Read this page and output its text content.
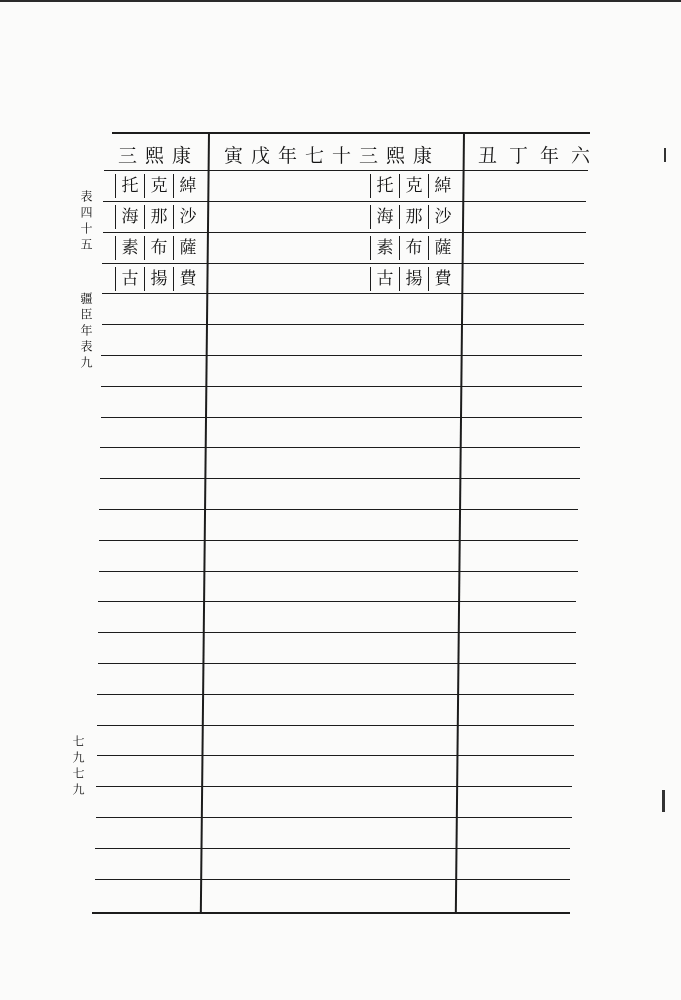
表四十五
疆臣年表九
七九七九
三熙康 寅戊年七十三熙康 丑丁年六
托 克 綽
海 那 沙
素 布 薩
古 揚 費
托 克 綽
海 那 沙
素 布 薩
古 揚 費
